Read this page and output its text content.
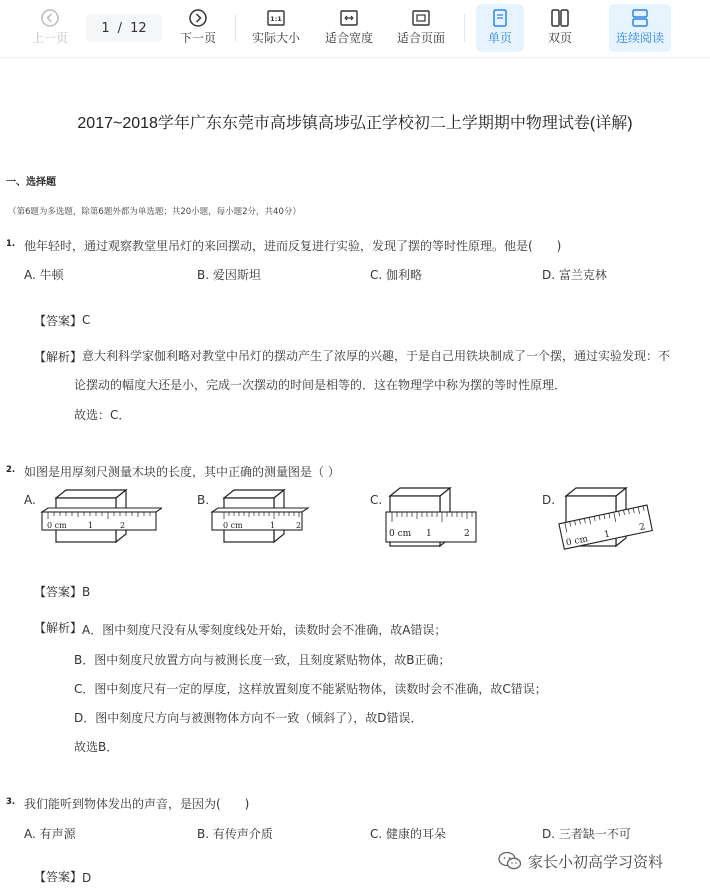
上一页
1 / 12
下一页
1:1
实际大小	适合宽度	适合页面	单页	双页	连续阅读
2017~2018学年广东东莞市高埗镇高埗弘正学校初二上学期期中物理试卷(详解)
一、选择题
（第6题为多选题，除第6题外都为单选题；共20小题，每小题2分，共40分）
1. 他年轻时，通过观察教堂里吊灯的来回摆动，进而反复进行实验，发现了摆的等时性原理。他是(　　)
A. 牛顿	B. 爱因斯坦	C. 伽利略	D. 富兰克林
【答案】 C
【解析】 意大利科学家伽利略对教堂中吊灯的摆动产生了浓厚的兴趣，于是自己用铁块制成了一个摆，通过实验发现：不
论摆动的幅度大还是小，完成一次摆动的时间是相等的．这在物理学中称为摆的等时性原理．
故选：C．
2. 如图是用厚刻尺测量木块的长度，其中正确的测量图是（ ）
A.
0 cm	1	2
B.
0 cm	1	2
C.
0 cm 1	2
D.
0 cm 1
2
【答案】 B
【解析】 A．图中刻度尺没有从零刻度线处开始，读数时会不准确，故A错误；
B．图中刻度尺放置方向与被测长度一致，且刻度紧贴物体，故B正确；
C．图中刻度尺有一定的厚度，这样放置刻度不能紧贴物体，读数时会不准确，故C错误；
D．图中刻度尺方向与被测物体方向不一致（倾斜了），故D错误．
故选B．
3. 我们能听到物体发出的声音，是因为(　　)
A. 有声源	B. 有传声介质	C. 健康的耳朵	D. 三者缺一不可
【答案】 D
家长小初高学习资料
